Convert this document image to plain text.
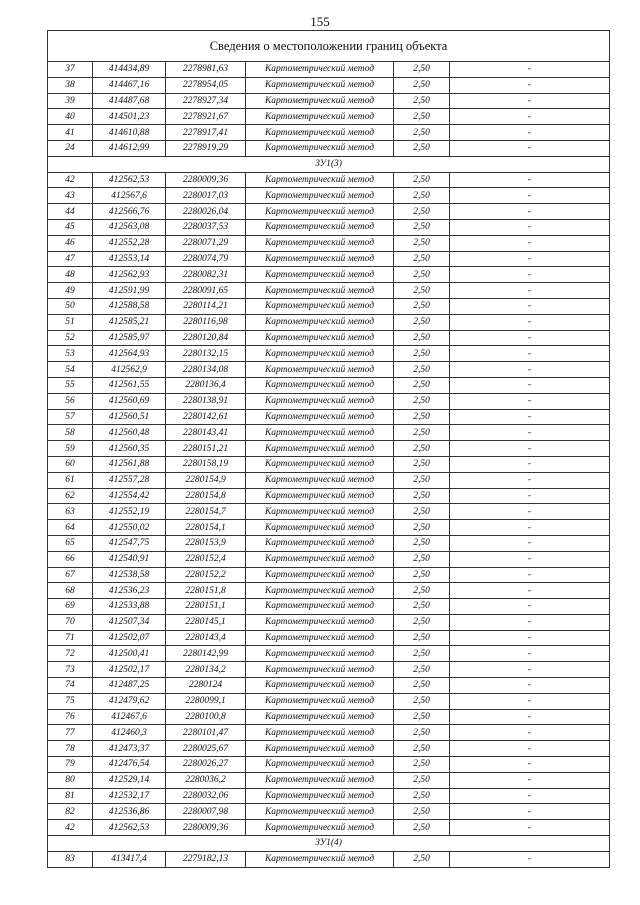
155
Сведения о местоположении границ объекта					
37	414434,89	2278981,63	Картометрический метод	2,50	-
38	414467,16	2278954,05	Картометрический метод	2,50	-
39	414487,68	2278927,34	Картометрический метод	2,50	-
40	414501,23	2278921,67	Картометрический метод	2,50	-
41	414610,88	2278917,41	Картометрический метод	2,50	-
24	414612,99	2278919,29	Картометрический метод	2,50	-
ЗУ1(3)					
42	412562,53	2280009,36	Картометрический метод	2,50	-
43	412567,6	2280017,03	Картометрический метод	2,50	-
44	412566,76	2280026,04	Картометрический метод	2,50	-
45	412563,08	2280037,53	Картометрический метод	2,50	-
46	412552,28	2280071,29	Картометрический метод	2,50	-
47	412553,14	2280074,79	Картометрический метод	2,50	-
48	412562,93	2280082,31	Картометрический метод	2,50	-
49	412591,99	2280091,65	Картометрический метод	2,50	-
50	412588,58	2280114,21	Картометрический метод	2,50	-
51	412585,21	2280116,98	Картометрический метод	2,50	-
52	412585,97	2280120,84	Картометрический метод	2,50	-
53	412564,93	2280132,15	Картометрический метод	2,50	-
54	412562,9	2280134,08	Картометрический метод	2,50	-
55	412561,55	2280136,4	Картометрический метод	2,50	-
56	412560,69	2280138,91	Картометрический метод	2,50	-
57	412560,51	2280142,61	Картометрический метод	2,50	-
58	412560,48	2280143,41	Картометрический метод	2,50	-
59	412560,35	2280151,21	Картометрический метод	2,50	-
60	412561,88	2280158,19	Картометрический метод	2,50	-
61	412557,28	2280154,9	Картометрический метод	2,50	-
62	412554,42	2280154,8	Картометрический метод	2,50	-
63	412552,19	2280154,7	Картометрический метод	2,50	-
64	412550,02	2280154,1	Картометрический метод	2,50	-
65	412547,75	2280153,9	Картометрический метод	2,50	-
66	412540,91	2280152,4	Картометрический метод	2,50	-
67	412538,58	2280152,2	Картометрический метод	2,50	-
68	412536,23	2280151,8	Картометрический метод	2,50	-
69	412533,88	2280151,1	Картометрический метод	2,50	-
70	412507,34	2280145,1	Картометрический метод	2,50	-
71	412502,07	2280143,4	Картометрический метод	2,50	-
72	412500,41	2280142,99	Картометрический метод	2,50	-
73	412502,17	2280134,2	Картометрический метод	2,50	-
74	412487,25	2280124	Картометрический метод	2,50	-
75	412479,62	2280099,1	Картометрический метод	2,50	-
76	412467,6	2280100,8	Картометрический метод	2,50	-
77	412460,3	2280101,47	Картометрический метод	2,50	-
78	412473,37	2280025,67	Картометрический метод	2,50	-
79	412476,54	2280026,27	Картометрический метод	2,50	-
80	412529,14	2280036,2	Картометрический метод	2,50	-
81	412532,17	2280032,06	Картометрический метод	2,50	-
82	412536,86	2280007,98	Картометрический метод	2,50	-
42	412562,53	2280009,36	Картометрический метод	2,50	-
ЗУ1(4)					
83	413417,4	2279182,13	Картометрический метод	2,50	-
